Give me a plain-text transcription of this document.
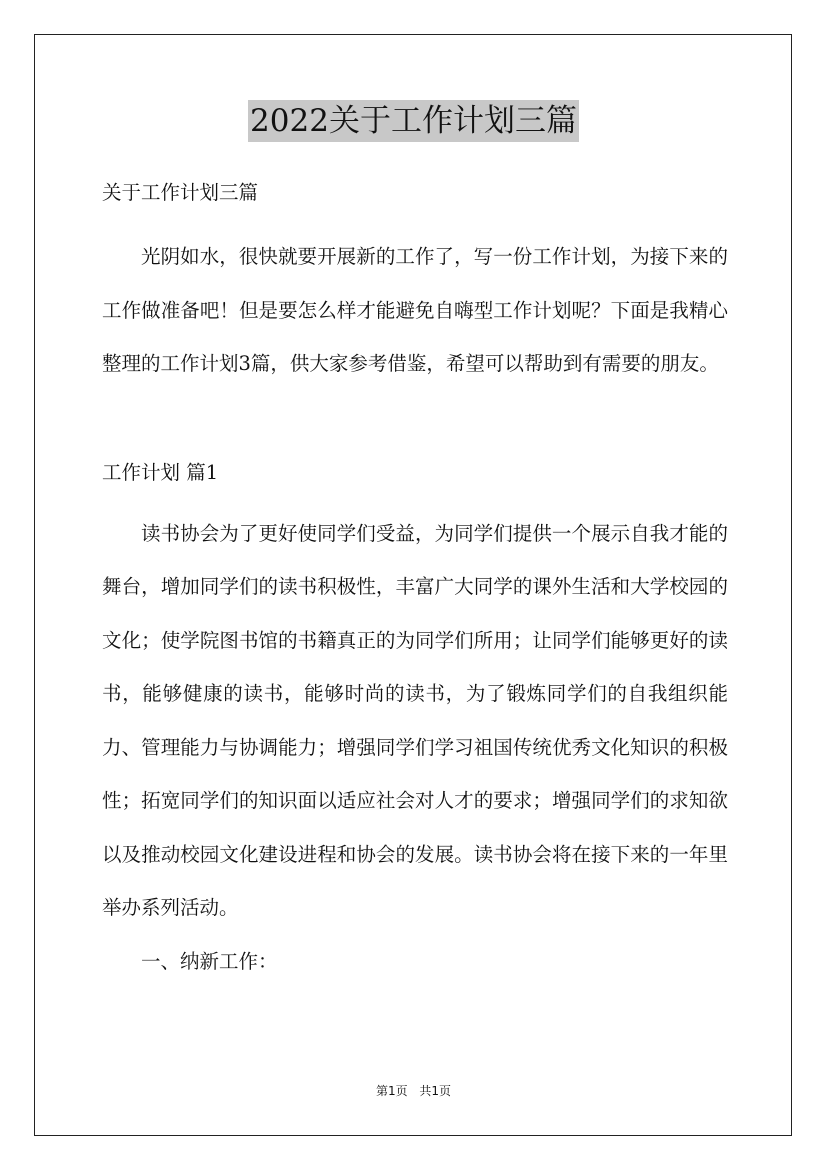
2022关于工作计划三篇

关于工作计划三篇

光阴如水，很快就要开展新的工作了，写一份工作计划，为接下来的工作做准备吧！但是要怎么样才能避免自嗨型工作计划呢？下面是我精心整理的工作计划3篇，供大家参考借鉴，希望可以帮助到有需要的朋友。

工作计划 篇1

读书协会为了更好使同学们受益，为同学们提供一个展示自我才能的舞台，增加同学们的读书积极性，丰富广大同学的课外生活和大学校园的文化；使学院图书馆的书籍真正的为同学们所用；让同学们能够更好的读书，能够健康的读书，能够时尚的读书，为了锻炼同学们的自我组织能力、管理能力与协调能力；增强同学们学习祖国传统优秀文化知识的积极性；拓宽同学们的知识面以适应社会对人才的要求；增强同学们的求知欲以及推动校园文化建设进程和协会的发展。读书协会将在接下来的一年里举办系列活动。

一、纳新工作：

第1页 共1页
